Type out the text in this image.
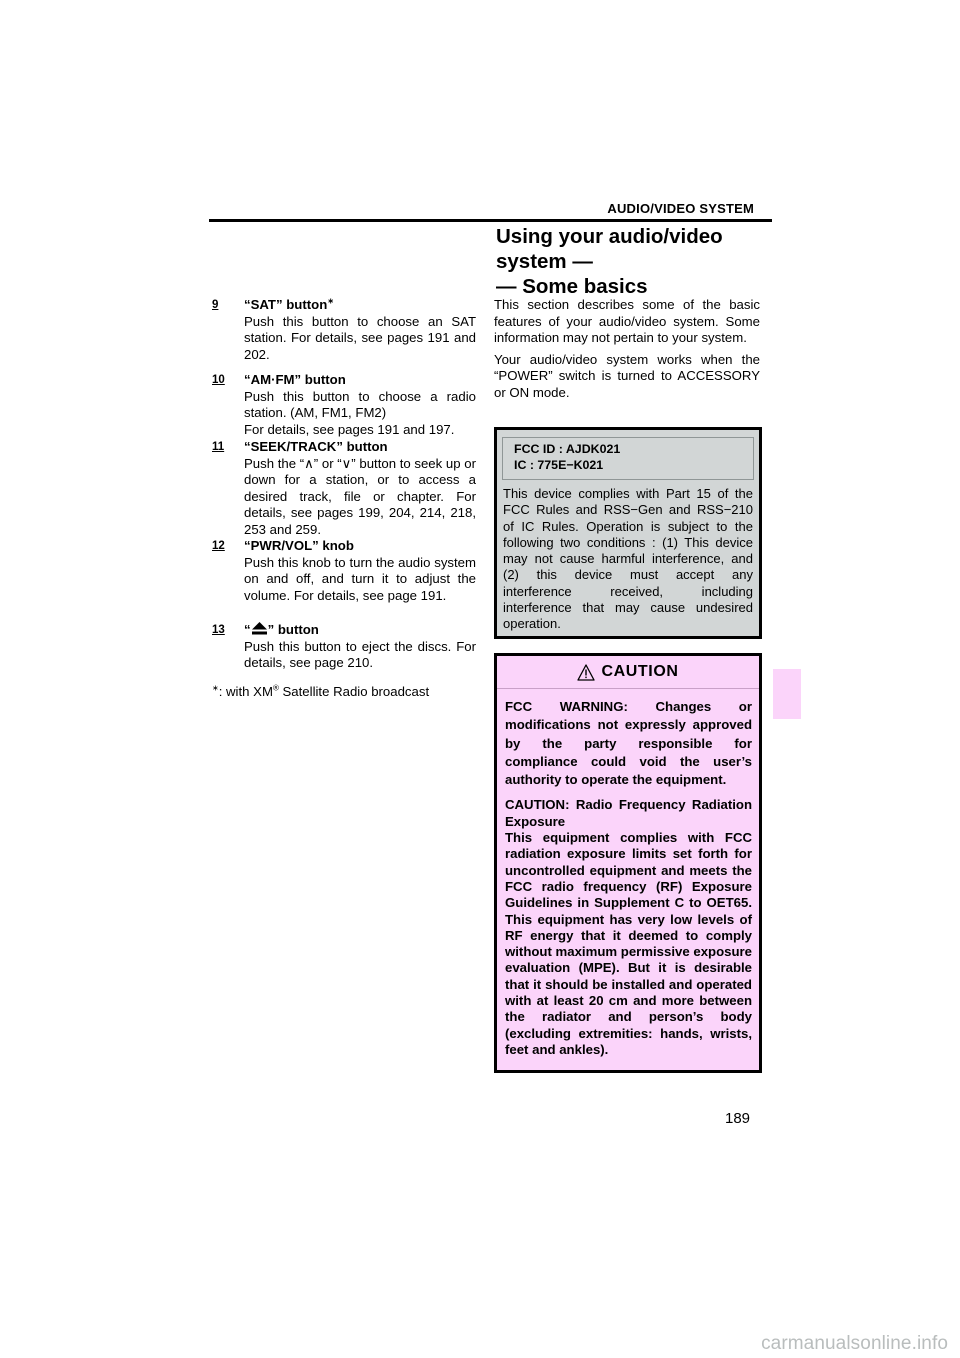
AUDIO/VIDEO SYSTEM
Using your audio/video
system —
— Some basics
9	“SAT” button∗
Push this button to choose an SAT station. For details, see pages 191 and 202.
10	“AM·FM” button
Push this button to choose a radio station. (AM, FM1, FM2)
For details, see pages 191 and 197.
11	“SEEK/TRACK” button
Push the “∧” or “∨” button to seek up or down for a station, or to access a desired track, file or chapter. For details, see pages 199, 204, 214, 218, 253 and 259.
12	“PWR/VOL” knob
Push this knob to turn the audio system on and off, and turn it to adjust the volume. For details, see page 191.
13	“ ” button
Push this button to eject the discs. For details, see page 210.
∗: with XM® Satellite Radio broadcast

This section describes some of the basic features of your audio/video system. Some information may not pertain to your system.

Your audio/video system works when the “POWER” switch is turned to ACCESSORY or ON mode.

FCC ID : AJDK021
IC : 775E−K021

This device complies with Part 15 of the FCC Rules and RSS−Gen and RSS−210 of IC Rules. Operation is subject to the following two conditions : (1) This device may not cause harmful interference, and (2) this device must accept any interference received, including interference that may cause undesired operation.

CAUTION

FCC WARNING: Changes or modifications not expressly approved by the party responsible for compliance could void the user’s authority to operate the equipment.

CAUTION: Radio Frequency Radiation Exposure
This equipment complies with FCC radiation exposure limits set forth for uncontrolled equipment and meets the FCC radio frequency (RF) Exposure Guidelines in Supplement C to OET65. This equipment has very low levels of RF energy that it deemed to comply without maximum permissive exposure evaluation (MPE). But it is desirable that it should be installed and operated with at least 20 cm and more between the radiator and person’s body (excluding extremities: hands, wrists, feet and ankles).

189
carmanualsonline.info
